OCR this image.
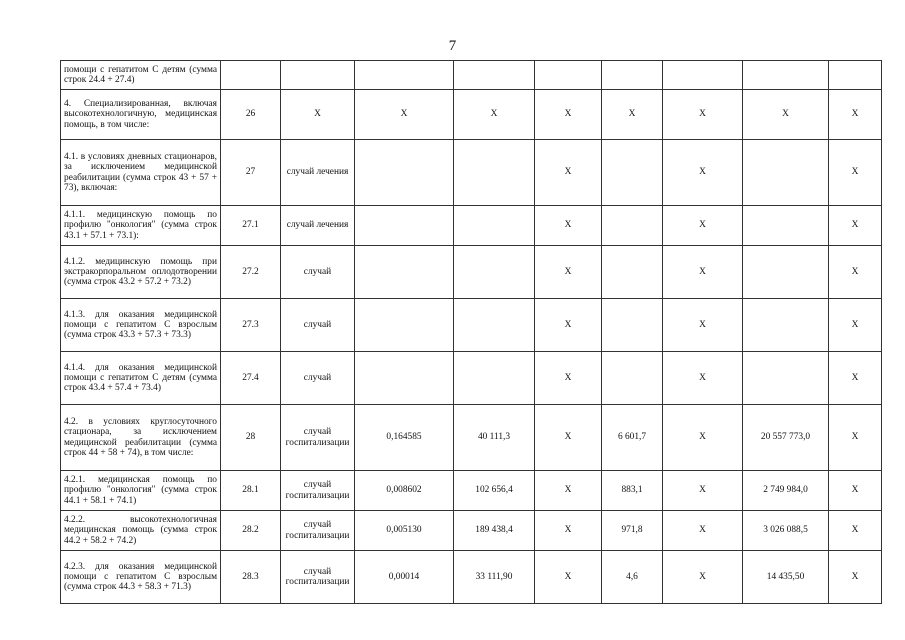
7
помощи с гепатитом С детям (сумма строк 24.4 + 27.4)									
4. Специализированная, включая высокотехнологичную, медицинская помощь, в том числе:	26	Х	Х	Х	Х	Х	Х	Х	Х
4.1. в условиях дневных стационаров, за исключением медицинской реабилитации (сумма строк 43 + 57 + 73), включая:	27	случай лечения			Х		Х		Х
4.1.1. медицинскую помощь по профилю "онкология" (сумма строк 43.1 + 57.1 + 73.1):	27.1	случай лечения			Х		Х		Х
4.1.2. медицинскую помощь при экстракорпоральном оплодотворении (сумма строк 43.2 + 57.2 + 73.2)	27.2	случай			Х		Х		Х
4.1.3. для оказания медицинской помощи с гепатитом С взрослым (сумма строк 43.3 + 57.3 + 73.3)	27.3	случай			Х		Х		Х
4.1.4. для оказания медицинской помощи с гепатитом С детям (сумма строк 43.4 + 57.4 + 73.4)	27.4	случай			Х		Х		Х
4.2. в условиях круглосуточного стационара, за исключением медицинской реабилитации (сумма строк 44 + 58 + 74), в том числе:	28	случай госпитализации	0,164585	40 111,3	Х	6 601,7	Х	20 557 773,0	Х
4.2.1. медицинская помощь по профилю "онкология" (сумма строк 44.1 + 58.1 + 74.1)	28.1	случай госпитализации	0,008602	102 656,4	Х	883,1	Х	2 749 984,0	Х
4.2.2. высокотехнологичная медицинская помощь (сумма строк 44.2 + 58.2 + 74.2)	28.2	случай госпитализации	0,005130	189 438,4	Х	971,8	Х	3 026 088,5	Х
4.2.3. для оказания медицинской помощи с гепатитом С взрослым (сумма строк 44.3 + 58.3 + 71.3)	28.3	случай госпитализации	0,00014	33 111,90	Х	4,6	Х	14 435,50	Х
